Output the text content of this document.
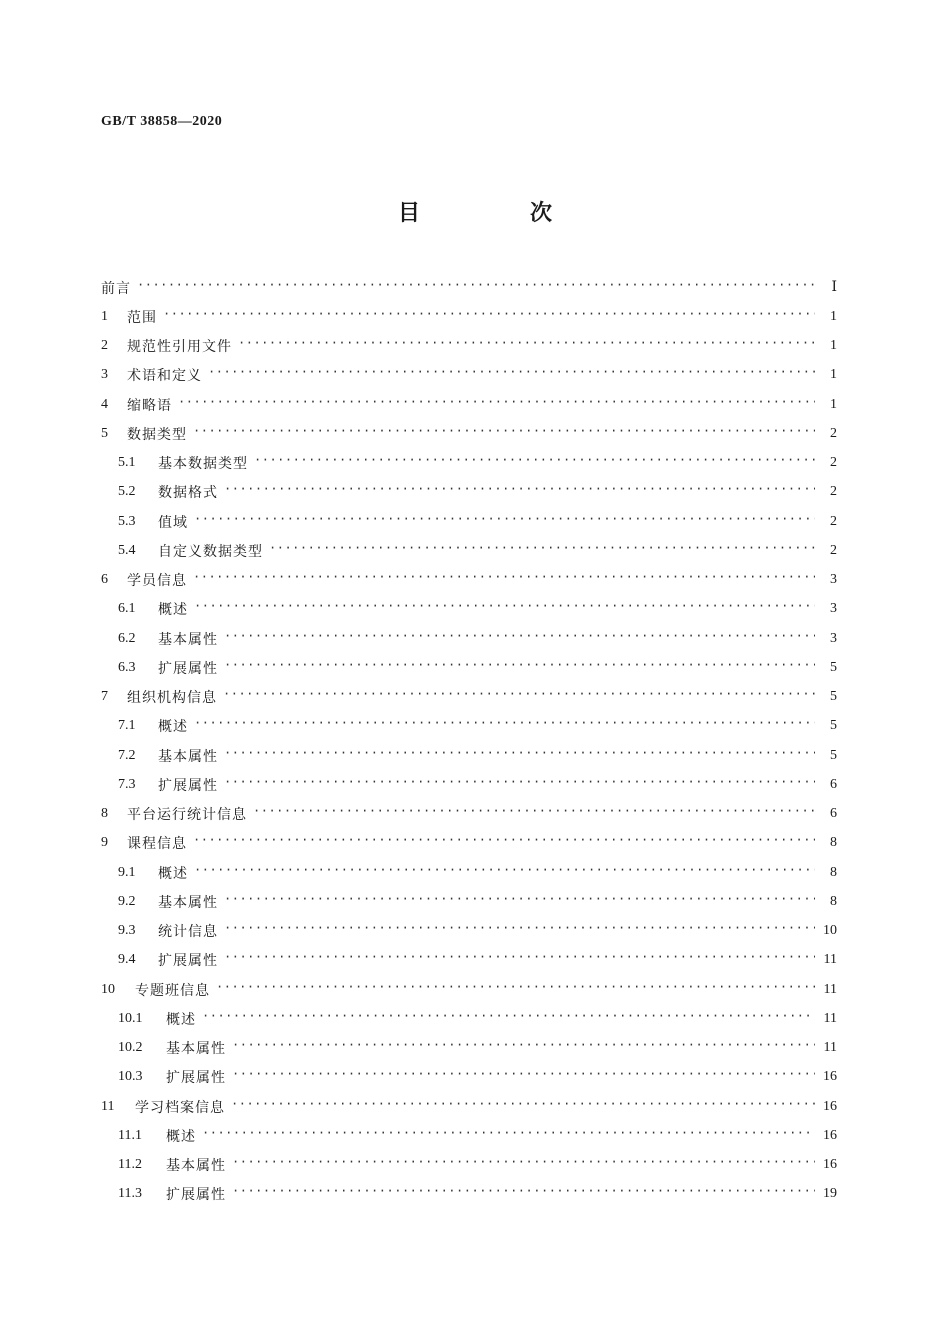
GB/T 38858—2020
目　次
前言 ·····	Ⅰ
1	范围 ·····	1
2	规范性引用文件 ·····	1
3	术语和定义 ·····	1
4	缩略语 ·····	1
5	数据类型 ·····	2
5.1	基本数据类型 ·····	2
5.2	数据格式 ·····	2
5.3	值域 ·····	2
5.4	自定义数据类型 ·····	2
6	学员信息 ·····	3
6.1	概述 ·····	3
6.2	基本属性 ·····	3
6.3	扩展属性 ·····	5
7	组织机构信息 ·····	5
7.1	概述 ·····	5
7.2	基本属性 ·····	5
7.3	扩展属性 ·····	6
8	平台运行统计信息 ·····	6
9	课程信息 ·····	8
9.1	概述 ·····	8
9.2	基本属性 ·····	8
9.3	统计信息 ·····	10
9.4	扩展属性 ·····	11
10	专题班信息 ·····	11
10.1	概述 ·····	11
10.2	基本属性 ·····	11
10.3	扩展属性 ·····	16
11	学习档案信息 ·····	16
11.1	概述 ·····	16
11.2	基本属性 ·····	16
11.3	扩展属性 ·····	19
